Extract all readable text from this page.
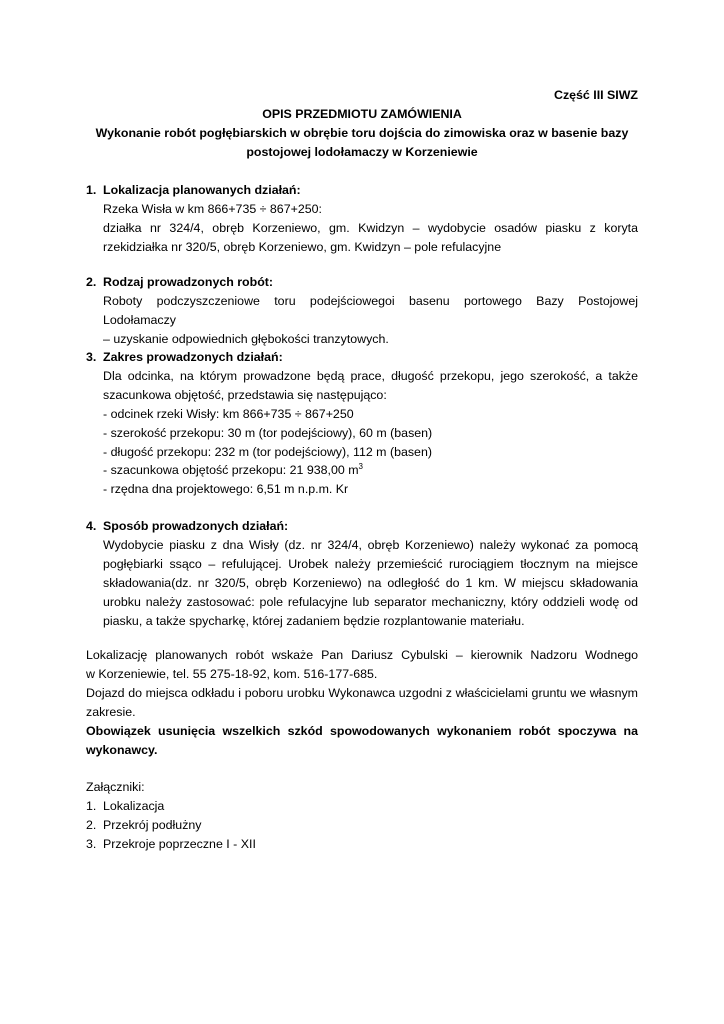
Część III SIWZ
OPIS PRZEDMIOTU ZAMÓWIENIA
Wykonanie robót pogłębiarskich w obrębie toru dojścia do zimowiska oraz w basenie bazy
postojowej lodołamaczy w Korzeniewie
1. Lokalizacja planowanych działań:

Rzeka Wisła w km 866+735 ÷ 867+250:

działka nr 324/4, obręb Korzeniewo, gm. Kwidzyn – wydobycie osadów piasku z koryta

rzekidziałka nr 320/5, obręb Korzeniewo, gm. Kwidzyn – pole refulacyjne

2. Rodzaj prowadzonych robót:

Roboty podczyszczeniowe toru podejściowegoi basenu portowego Bazy Postojowej Lodołamaczy

– uzyskanie odpowiednich głębokości tranzytowych.

3. Zakres prowadzonych działań:

Dla odcinka, na którym prowadzone będą prace, długość przekopu, jego szerokość, a także

szacunkowa objętość, przedstawia się następująco:

- odcinek rzeki Wisły: km 866+735 ÷ 867+250

- szerokość przekopu: 30 m (tor podejściowy), 60 m (basen)

- długość przekopu: 232 m (tor podejściowy), 112 m (basen)

- szacunkowa objętość przekopu: 21 938,00 $m^3$

- rzędna dna projektowego: 6,51 m n.p.m. Kr

4. Sposób prowadzonych działań:

Wydobycie piasku z dna Wisły (dz. nr 324/4, obręb Korzeniewo) należy wykonać za pomocą

pogłębiarki ssąco – refulującej. Urobek należy przemieścić rurociągiem tłocznym na miejsce

składowania(dz. nr 320/5, obręb Korzeniewo) na odległość do 1 km. W miejscu składowania

urobku należy zastosować: pole refulacyjne lub separator mechaniczny, który oddzieli wodę od

piasku, a także spycharkę, której zadaniem będzie rozplantowanie materiału.

Lokalizację planowanych robót wskaże Pan Dariusz Cybulski – kierownik Nadzoru Wodnego

w Korzeniewie, tel. 55 275-18-92, kom. 516-177-685.

Dojazd do miejsca odkładu i poboru urobku Wykonawca uzgodni z właścicielami gruntu we własnym

zakresie.

Obowiązek usunięcia wszelkich szkód spowodowanych wykonaniem robót spoczywa na

wykonawcy.

Załączniki:

1. Lokalizacja

2. Przekrój podłużny

3. Przekroje poprzeczne I - XII
